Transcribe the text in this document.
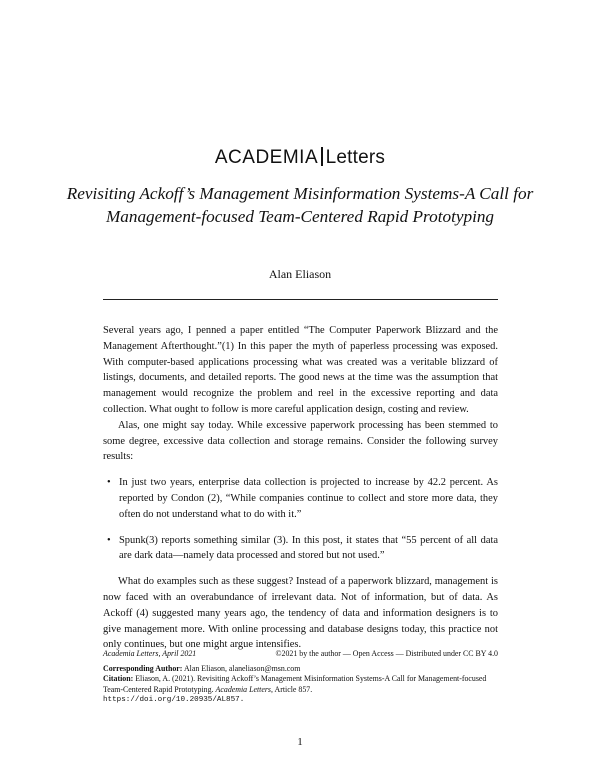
ACADEMIA Letters
Revisiting Ackoff’s Management Misinformation Systems-A Call for Management-focused Team-Centered Rapid Prototyping
Alan Eliason

Several years ago, I penned a paper entitled “The Computer Paperwork Blizzard and the Management Afterthought.”(1) In this paper the myth of paperless processing was exposed. With computer-based applications processing what was created was a veritable blizzard of listings, documents, and detailed reports. The good news at the time was the assumption that management would recognize the problem and reel in the excessive reporting and data collection. What ought to follow is more careful application design, costing and review.

Alas, one might say today. While excessive paperwork processing has been stemmed to some degree, excessive data collection and storage remains. Consider the following survey results:

• In just two years, enterprise data collection is projected to increase by 42.2 percent. As reported by Condon (2), “While companies continue to collect and store more data, they often do not understand what to do with it.”
• Spunk(3) reports something similar (3). In this post, it states that “55 percent of all data are dark data—namely data processed and stored but not used.”

What do examples such as these suggest? Instead of a paperwork blizzard, management is now faced with an overabundance of irrelevant data. Not of information, but of data. As Ackoff (4) suggested many years ago, the tendency of data and information designers is to give management more. With online processing and database designs today, this practice not only continues, but one might argue intensifies.

Academia Letters, April 2021	©2021 by the author — Open Access — Distributed under CC BY 4.0
Corresponding Author: Alan Eliason, alaneliason@msn.com
Citation: Eliason, A. (2021). Revisiting Ackoff’s Management Misinformation Systems-A Call for Management-focused Team-Centered Rapid Prototyping. Academia Letters, Article 857.
https://doi.org/10.20935/AL857.
1
